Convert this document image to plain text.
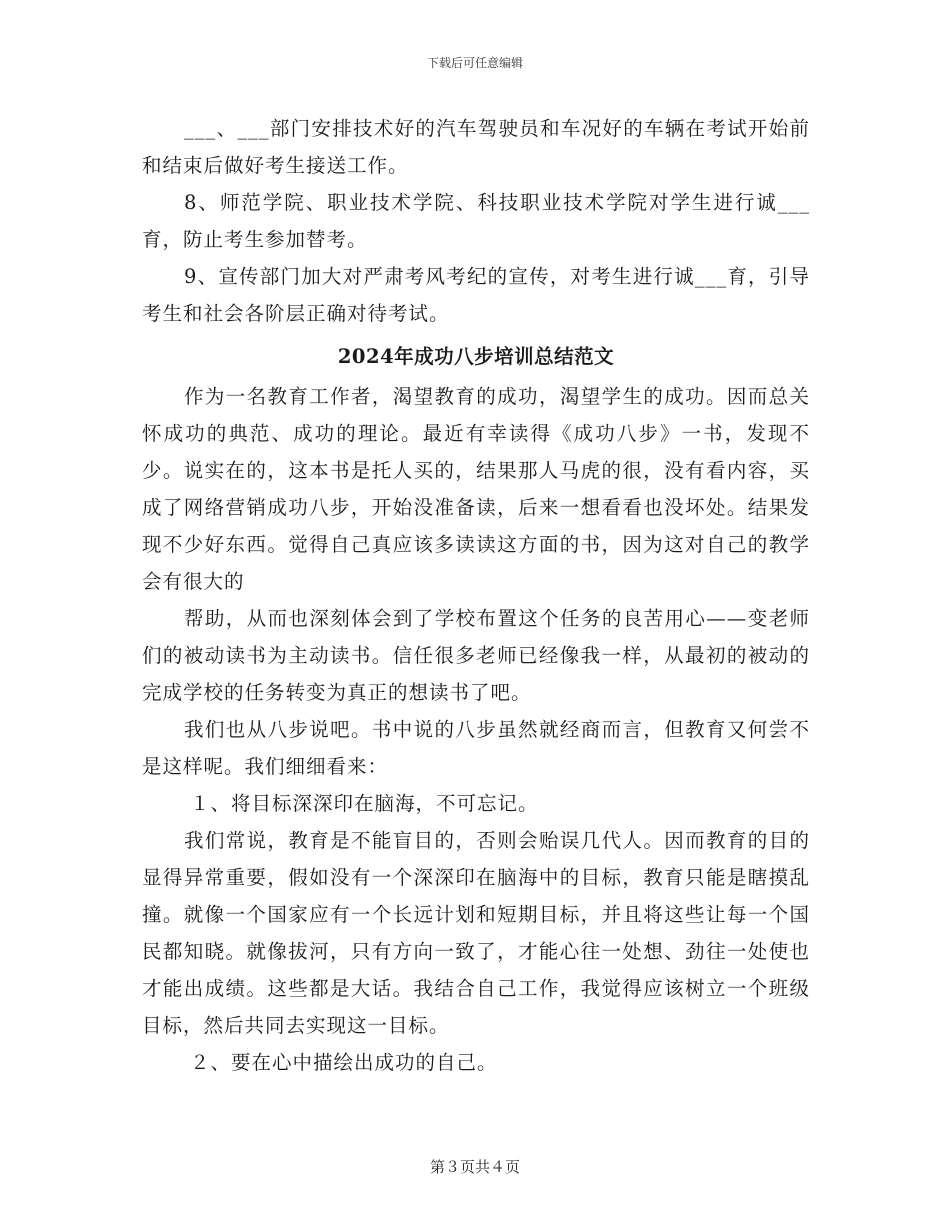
下载后可任意编辑

___、___部门安排技术好的汽车驾驶员和车况好的车辆在考试开始前和结束后做好考生接送工作。

8、师范学院、职业技术学院、科技职业技术学院对学生进行诚___育，防止考生参加替考。

9、宣传部门加大对严肃考风考纪的宣传，对考生进行诚___育，引导考生和社会各阶层正确对待考试。

2024年成功八步培训总结范文

作为一名教育工作者，渴望教育的成功，渴望学生的成功。因而总关怀成功的典范、成功的理论。最近有幸读得《成功八步》一书，发现不少。说实在的，这本书是托人买的，结果那人马虎的很，没有看内容，买成了网络营销成功八步，开始没准备读，后来一想看看也没坏处。结果发现不少好东西。觉得自己真应该多读读这方面的书，因为这对自己的教学会有很大的

帮助，从而也深刻体会到了学校布置这个任务的良苦用心——变老师们的被动读书为主动读书。信任很多老师已经像我一样，从最初的被动的完成学校的任务转变为真正的想读书了吧。

我们也从八步说吧。书中说的八步虽然就经商而言，但教育又何尝不是这样呢。我们细细看来：

１、将目标深深印在脑海，不可忘记。

我们常说，教育是不能盲目的，否则会贻误几代人。因而教育的目的显得异常重要，假如没有一个深深印在脑海中的目标，教育只能是瞎摸乱撞。就像一个国家应有一个长远计划和短期目标，并且将这些让每一个国民都知晓。就像拔河，只有方向一致了，才能心往一处想、劲往一处使也才能出成绩。这些都是大话。我结合自己工作，我觉得应该树立一个班级目标，然后共同去实现这一目标。

２、要在心中描绘出成功的自己。

第３页共４页
